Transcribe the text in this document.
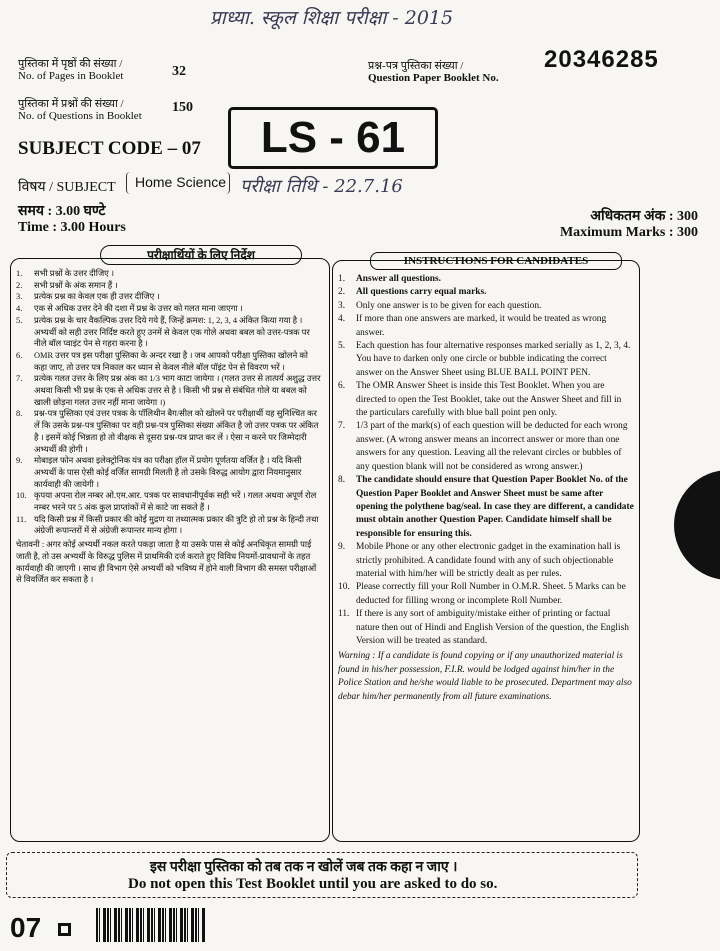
प्राध्या. स्कूल शिक्षा परीक्षा - 2015
पुस्तिका में पृष्ठों की संख्या /
No. of Pages in Booklet	32
पुस्तिका में प्रश्नों की संख्या /
No. of Questions in Booklet
150
प्रश्न-पत्र पुस्तिका संख्या /
Question Paper Booklet No.
20346285
SUBJECT CODE – 07 LS - 61
विषय / SUBJECT Home Science परीक्षा तिथि - 22.7.16
समय : 3.00 घण्टे
Time : 3.00 Hours
अधिकतम अंक : 300
Maximum Marks : 300
परीक्षार्थियों के लिए निर्देश	INSTRUCTIONS FOR CANDIDATES
1.	सभी प्रश्नों के उत्तर दीजिए ।
2.	सभी प्रश्नों के अंक समान हैं ।
3.	प्रत्येक प्रश्न का केवल एक ही उत्तर दीजिए ।
4.	एक से अधिक उत्तर देने की दशा में प्रश्न के उत्तर को गलत माना जाएगा ।
5.	प्रत्येक प्रश्न के चार वैकल्पिक उत्तर दिये गये हैं, जिन्हें क्रमश: 1, 2, 3, 4 अंकित किया गया है । अभ्यर्थी को सही उत्तर निर्दिष्ट करते हुए उनमें से केवल एक गोले अथवा बबल को उत्तर-पत्रक पर नीले बॉल प्वाइंट पेन से गहरा करना है ।
6.	OMR उत्तर पत्र इस परीक्षा पुस्तिका के अन्दर रखा है । जब आपको परीक्षा पुस्तिका खोलने को कहा जाए, तो उत्तर पत्र निकाल कर ध्यान से केवल नीले बॉल पॉइंट पेन से विवरण भरें ।
7.	प्रत्येक गलत उत्तर के लिए प्रश्न अंक का 1/3 भाग काटा जायेगा । (गलत उत्तर से तात्पर्य अशुद्ध उत्तर अथवा किसी भी प्रश्न के एक से अधिक उत्तर से है । किसी भी प्रश्न से संबंधित गोले या बबल को खाली छोड़ना गलत उत्तर नहीं माना जायेगा ।)
8.	प्रश्न-पत्र पुस्तिका एवं उत्तर पत्रक के पॉलिथीन बैग/सील को खोलने पर परीक्षार्थी यह सुनिश्चित कर लें कि उसके प्रश्न-पत्र पुस्तिका पर वही प्रश्न-पत्र पुस्तिका संख्या अंकित है जो उत्तर पत्रक पर अंकित है । इसमें कोई भिन्नता हो तो वीक्षक से दूसरा प्रश्न-पत्र प्राप्त कर लें । ऐसा न करने पर जिम्मेदारी अभ्यर्थी की होगी ।
9.	मोबाइल फोन अथवा इलेक्ट्रोनिक यंत्र का परीक्षा हॉल में प्रयोग पूर्णतया वर्जित है । यदि किसी अभ्यर्थी के पास ऐसी कोई वर्जित सामग्री मिलती है तो उसके विरुद्ध आयोग द्वारा नियमानुसार कार्यवाही की जायेगी ।
10. कृपया अपना रोल नम्बर ओ.एम.आर. पत्रक पर सावधानीपूर्वक सही भरें । गलत अथवा अपूर्ण रोल नम्बर भरने पर 5 अंक कुल प्राप्तांकों में से काटे जा सकते हैं ।
11. यदि किसी प्रश्न में किसी प्रकार की कोई मुद्रण या तथ्यात्मक प्रकार की त्रुटि हो तो प्रश्न के हिन्दी तथा अंग्रेजी रूपान्तरों में से अंग्रेजी रूपान्तर मान्य होगा ।
चेतावनी : अगर कोई अभ्यर्थी नकल करते पकड़ा जाता है या उसके पास से कोई अनधिकृत सामग्री पाई जाती है, तो उस अभ्यर्थी के विरुद्ध पुलिस में प्राथमिकी दर्ज कराते हुए विविध नियमों-प्रावधानों के तहत कार्यवाही की जाएगी । साथ ही विभाग ऐसे अभ्यर्थी को भविष्य में होने वाली विभाग की समस्त परीक्षाओं से विवर्जित कर सकता है ।
1.	Answer all questions.
2.	All questions carry equal marks.
3.	Only one answer is to be given for each question.
4.	If more than one answers are marked, it would be treated as wrong answer.
5.	Each question has four alternative responses marked serially as 1, 2, 3, 4. You have to darken only one circle or bubble indicating the correct answer on the Answer Sheet using BLUE BALL POINT PEN.
6.	The OMR Answer Sheet is inside this Test Booklet. When you are directed to open the Test Booklet, take out the Answer Sheet and fill in the particulars carefully with blue ball point pen only.
7.	1/3 part of the mark(s) of each question will be deducted for each wrong answer. (A wrong answer means an incorrect answer or more than one answers for any question. Leaving all the relevant circles or bubbles of any question blank will not be considered as wrong answer.)
8.	The candidate should ensure that Question Paper Booklet No. of the Question Paper Booklet and Answer Sheet must be same after opening the polythene bag/seal. In case they are different, a candidate must obtain another Question Paper. Candidate himself shall be responsible for ensuring this.
9.	Mobile Phone or any other electronic gadget in the examination hall is strictly prohibited. A candidate found with any of such objectionable material with him/her will be strictly dealt as per rules.
10. Please correctly fill your Roll Number in O.M.R. Sheet. 5 Marks can be deducted for filling wrong or incomplete Roll Number.
11. If there is any sort of ambiguity/mistake either of printing or factual nature then out of Hindi and English Version of the question, the English Version will be treated as standard.
Warning : If a candidate is found copying or if any unauthorized material is found in his/her possession, F.I.R. would be lodged against him/her in the Police Station and he/she would liable to be prosecuted. Department may also debar him/her permanently from all future examinations.
इस परीक्षा पुस्तिका को तब तक न खोलें जब तक कहा न जाए ।
Do not open this Test Booklet until you are asked to do so.
07
